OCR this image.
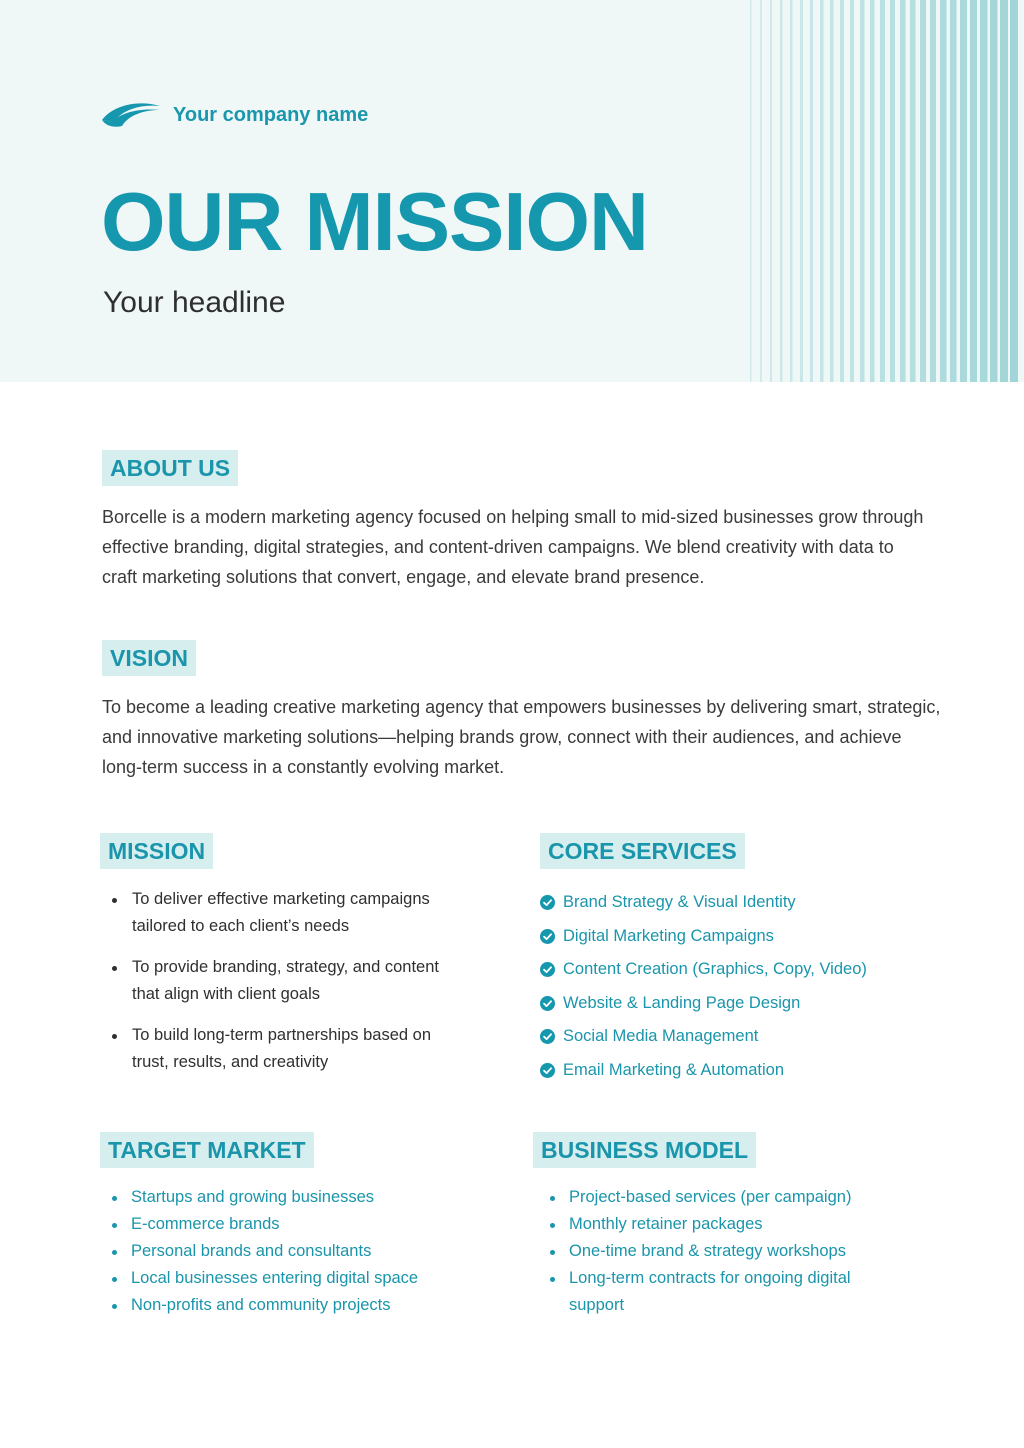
Your company name
OUR MISSION
Your headline
ABOUT US

Borcelle is a modern marketing agency focused on helping small to mid-sized businesses grow through effective branding, digital strategies, and content-driven campaigns. We blend creativity with data to craft marketing solutions that convert, engage, and elevate brand presence.

VISION

To become a leading creative marketing agency that empowers businesses by delivering smart, strategic, and innovative marketing solutions—helping brands grow, connect with their audiences, and achieve long-term success in a constantly evolving market.

MISSION
To deliver effective marketing campaigns tailored to each client’s needs
To provide branding, strategy, and content that align with client goals
To build long-term partnerships based on trust, results, and creativity
CORE SERVICES
Brand Strategy & Visual Identity
Digital Marketing Campaigns
Content Creation (Graphics, Copy, Video)
Website & Landing Page Design
Social Media Management
Email Marketing & Automation
TARGET MARKET
Startups and growing businesses
E-commerce brands
Personal brands and consultants
Local businesses entering digital space
Non-profits and community projects
BUSINESS MODEL
Project-based services (per campaign)
Monthly retainer packages
One-time brand & strategy workshops
Long-term contracts for ongoing digital support
